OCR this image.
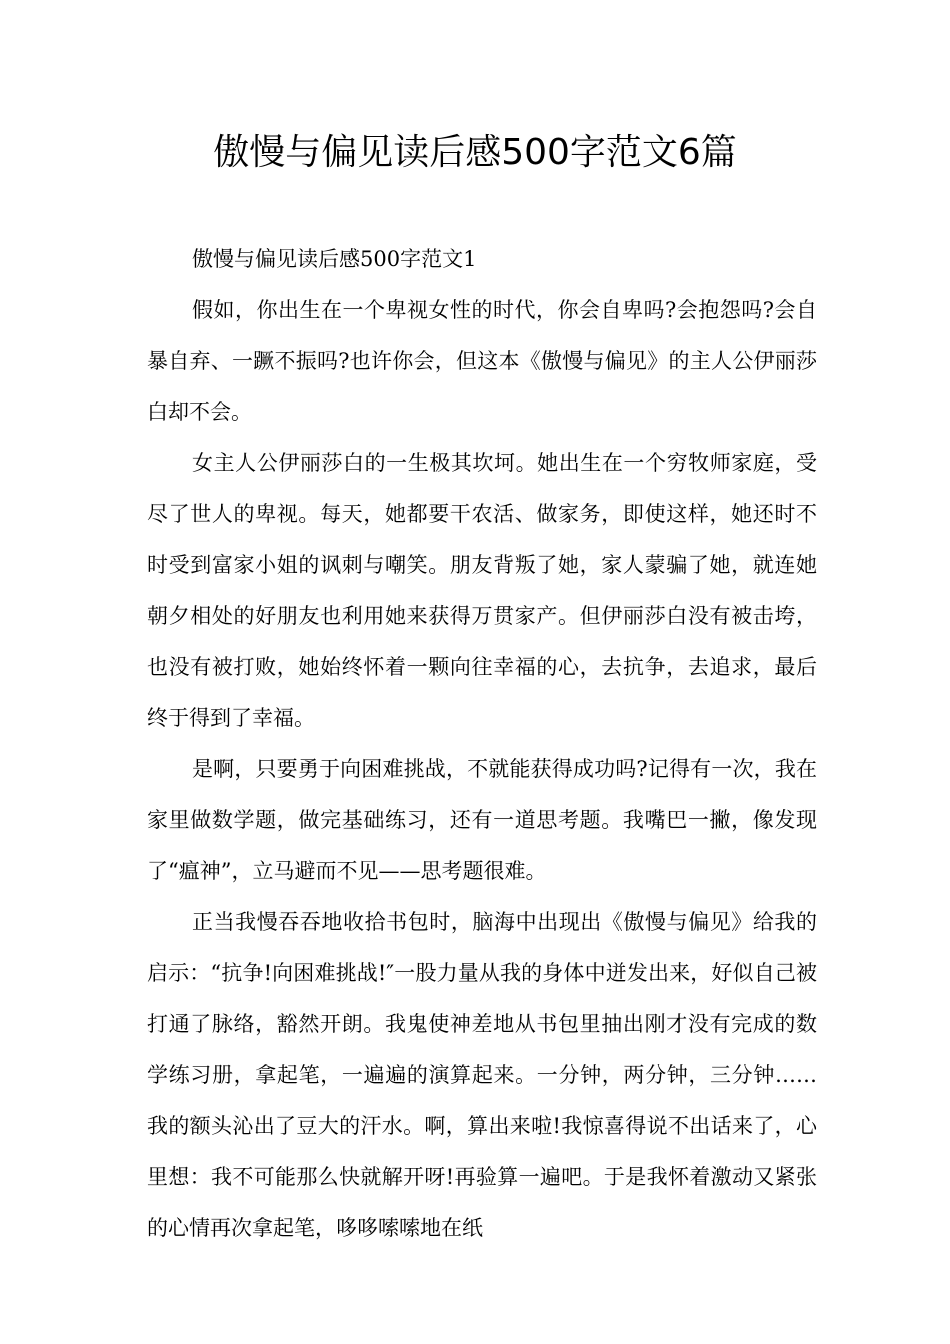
傲慢与偏见读后感500字范文6篇

傲慢与偏见读后感500字范文1

假如，你出生在一个卑视女性的时代，你会自卑吗?会抱怨吗?会自暴自弃、一蹶不振吗?也许你会，但这本《傲慢与偏见》的主人公伊丽莎白却不会。

女主人公伊丽莎白的一生极其坎坷。她出生在一个穷牧师家庭，受尽了世人的卑视。每天，她都要干农活、做家务，即使这样，她还时不时受到富家小姐的讽刺与嘲笑。朋友背叛了她，家人蒙骗了她，就连她朝夕相处的好朋友也利用她来获得万贯家产。但伊丽莎白没有被击垮，也没有被打败，她始终怀着一颗向往幸福的心，去抗争，去追求，最后终于得到了幸福。

是啊，只要勇于向困难挑战，不就能获得成功吗?记得有一次，我在家里做数学题，做完基础练习，还有一道思考题。我嘴巴一撇，像发现了“瘟神”，立马避而不见——思考题很难。

正当我慢吞吞地收拾书包时，脑海中出现出《傲慢与偏见》给我的启示：“抗争!向困难挑战!″一股力量从我的身体中迸发出来，好似自己被打通了脉络，豁然开朗。我鬼使神差地从书包里抽出刚才没有完成的数学练习册，拿起笔，一遍遍的演算起来。一分钟，两分钟，三分钟……我的额头沁出了豆大的汗水。啊，算出来啦!我惊喜得说不出话来了，心里想：我不可能那么快就解开呀!再验算一遍吧。于是我怀着激动又紧张的心情再次拿起笔，哆哆嗦嗦地在纸
